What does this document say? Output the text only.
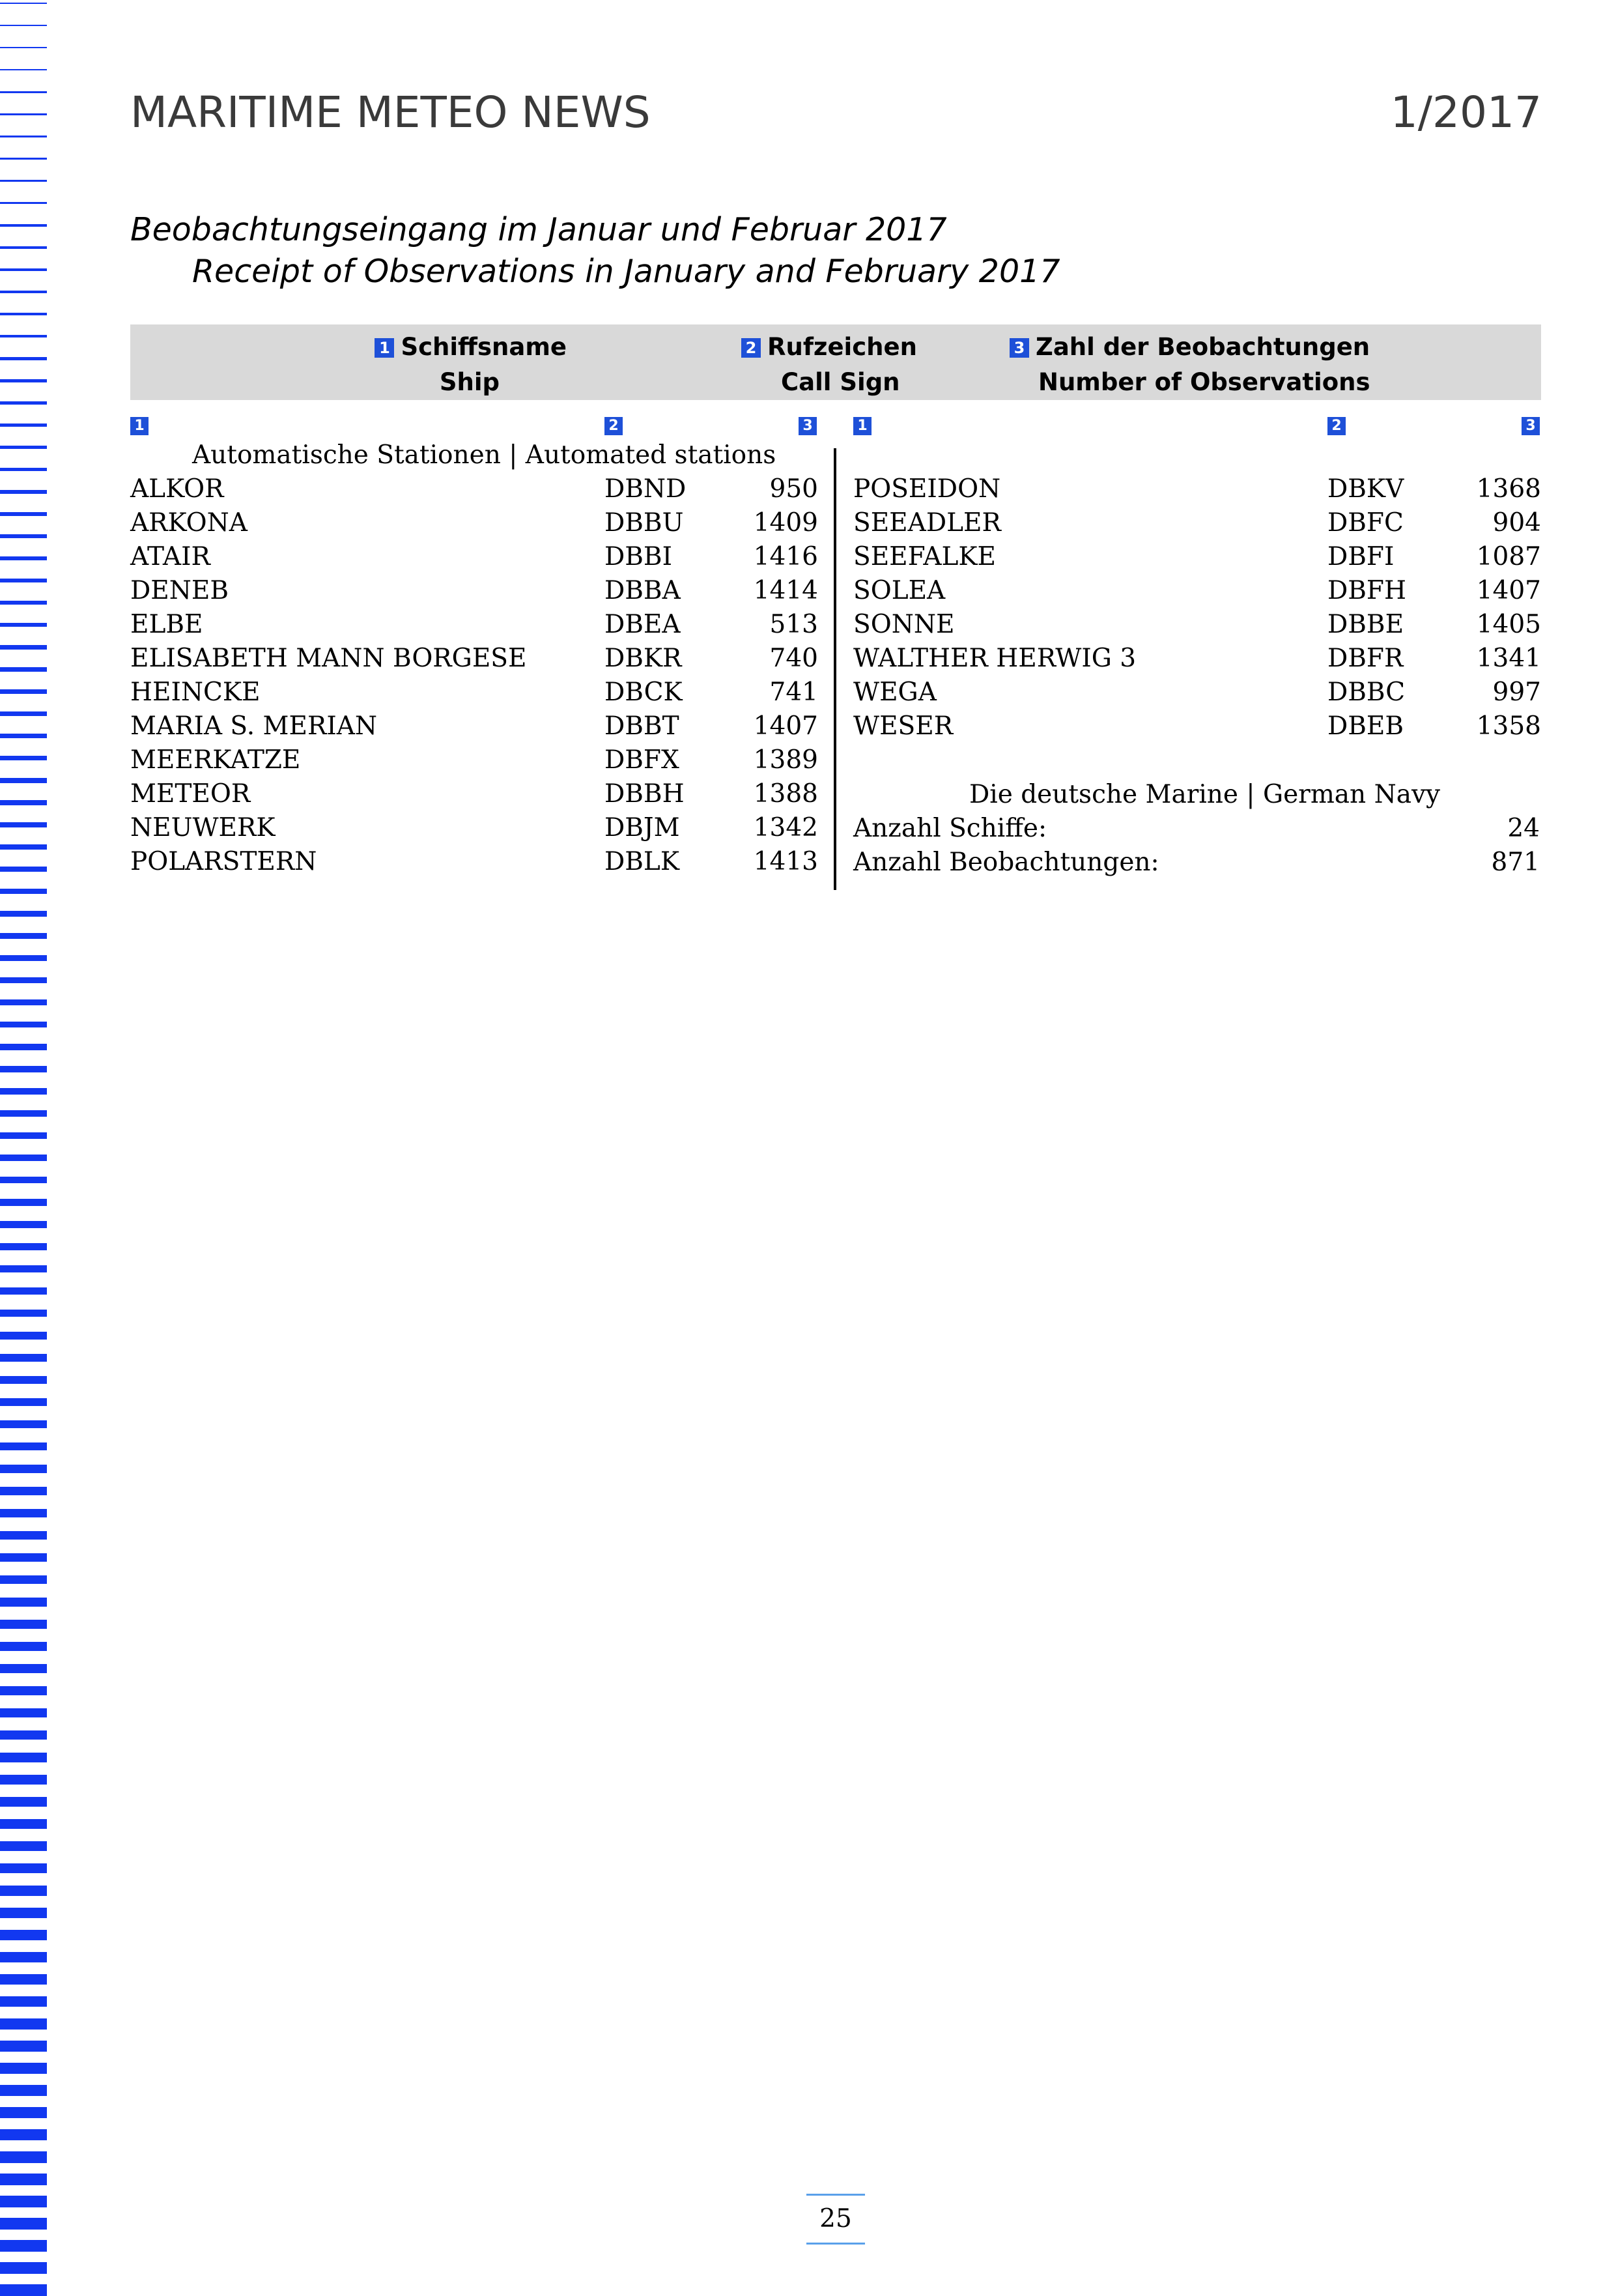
MARITIME METEO NEWS	1/2017
Beobachtungseingang im Januar und Februar 2017
Receipt of Observations in January and February 2017
1 Schiffsname
Ship
2 Rufzeichen
Call Sign
3 Zahl der Beobachtungen
Number of Observations
1	2	3	1	2	3
Automatische Stationen | Automated stations
ALKOR	DBND	950
ARKONA	DBBU	1409
ATAIR	DBBI	1416
DENEB	DBBA	1414
ELBE	DBEA	513
ELISABETH MANN BORGESE	DBKR	740
HEINCKE	DBCK	741
MARIA S. MERIAN	DBBT	1407
MEERKATZE	DBFX	1389
METEOR	DBBH	1388
NEUWERK	DBJM	1342
POLARSTERN	DBLK	1413
POSEIDON	DBKV	1368
SEEADLER	DBFC	904
SEEFALKE	DBFI	1087
SOLEA	DBFH	1407
SONNE	DBBE	1405
WALTHER HERWIG 3	DBFR	1341
WEGA	DBBC	997
WESER	DBEB	1358
Die deutsche Marine | German Navy
Anzahl Schiffe:	24
Anzahl Beobachtungen:	871
25
